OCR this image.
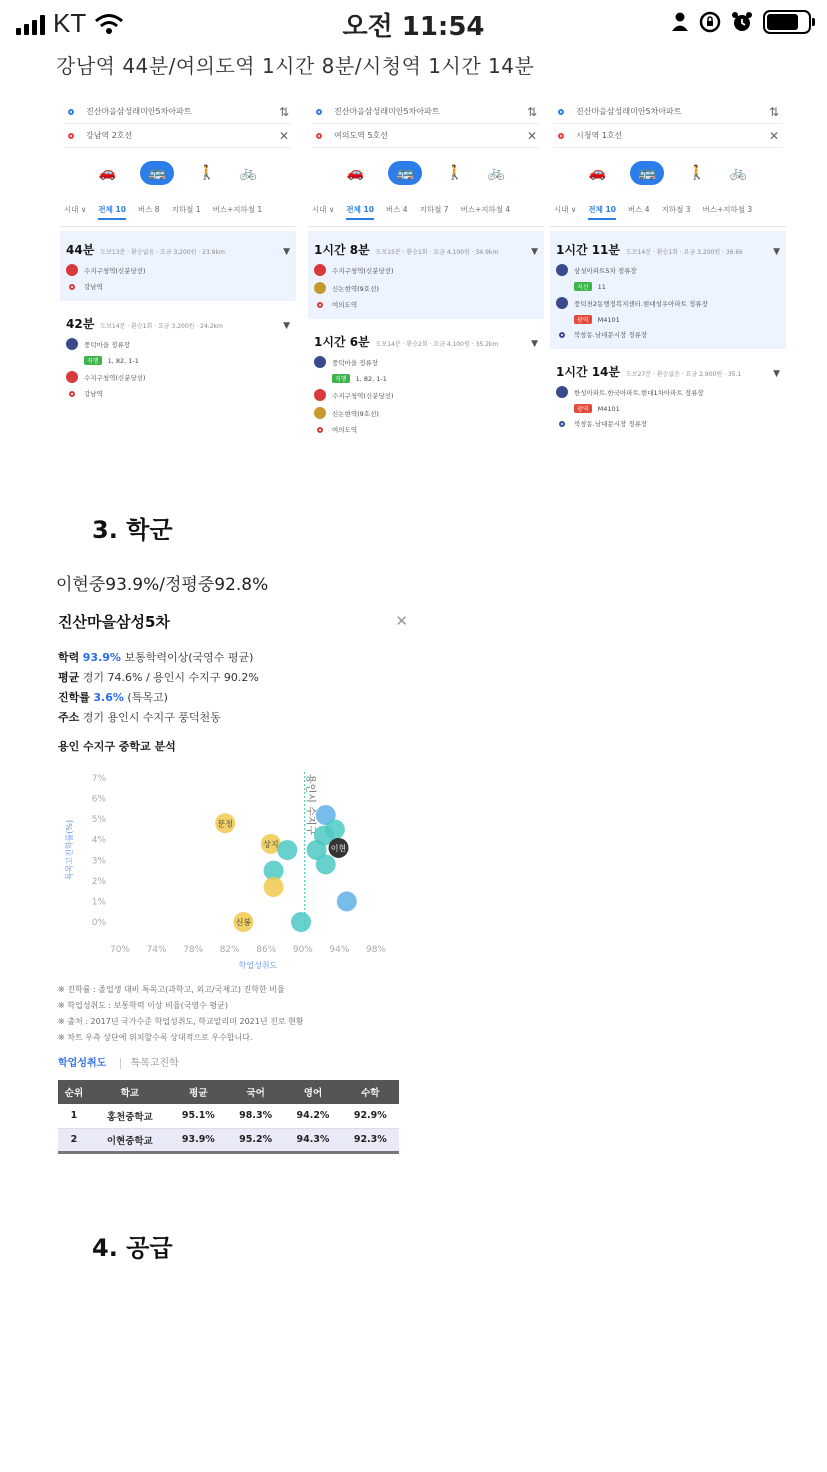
KT	오전 11:54
강남역 44분/여의도역 1시간 8분/시청역 1시간 14분
진산마을삼성래미안5차아파트	⇅
강남역 2호선	✕
🚗	🚌	🚶 🚲
시내 ∨ 전체 10 버스 8 지하철 1 버스+지하철 1
44분 도보13분 · 환승없음 · 요금 3,200원 · 23.9km	▼
수지구청역(신분당선)
강남역
42분 도보14분 · 환승1회 · 요금 3,200원 · 24.2km	▼
풍덕마을 정류장
직행	1, 82, 1-1
수지구청역(신분당선)
강남역
진산마을삼성래미안5차아파트	⇅
여의도역 5호선	✕
🚗	🚌	🚶 🚲
시내 ∨ 전체 10 버스 4 지하철 7 버스+지하철 4
1시간 8분 도보15분 · 환승1회 · 요금 4,100원 · 34.9km	▼
수지구청역(신분당선)
신논현역(9호선)
여의도역
1시간 6분 도보14분 · 환승2회 · 요금 4,100원 · 35.2km	▼
풍덕마을 정류장
직행	1, 82, 1-1
수지구청역(신분당선)
신논현역(9호선)
여의도역
진산마을삼성래미안5차아파트	⇅
시청역 1호선	✕
🚗	🚌	🚶 🚲
시내 ∨ 전체 10 버스 4 지하철 3 버스+지하철 3
1시간 11분 도보14분 · 환승1회 · 요금 3,200원 · 36.6k	▼
삼성아파트5차 정류장
지선	11
풍덕천2동행정복지센터.현대성우아파트 정류장
광역	M4101
북창동.남대문시장 정류장
1시간 14분 도보27분 · 환승없음 · 요금 2,900원 · 35.1	▼
한성아파트.한국아파트.현대1차아파트 정류장
광역	M4101
북창동.남대문시장 정류장
3. 학군
이현중93.9%/정평중92.8%
진산마을삼성5차	✕
학력 93.9% 보통학력이상(국영수 평균)
평균 경기 74.6% / 용인시 수지구 90.2%
진학률 3.6% (특목고)
주소 경기 용인시 수지구 풍덕천동
용인 수지구 중학교 분석
7%
6%
5%
4%
3%
2%
1%
0%
70% 74% 78% 82% 86% 90% 94% 98%
특목고진학률(%)
학업성취도
용인시 수지구
문정
상지	이현
신봉
※ 진학률 : 졸업생 대비 특목고(과학고, 외고/국제고) 진학한 비율
※ 학업성취도 : 보통학력 이상 비율(국영수 평균)
※ 출처 : 2017년 국가수준 학업성취도, 학교알리미 2021년 진로 현황
※ 차트 우측 상단에 위치할수록 상대적으로 우수합니다.
학업성취도 특목고진학
순위	학교	평균	국어	영어	수학
1	홍천중학교	95.1%	98.3%	94.2%	92.9%
2	이현중학교	93.9%	95.2%	94.3%	92.3%
4. 공급
